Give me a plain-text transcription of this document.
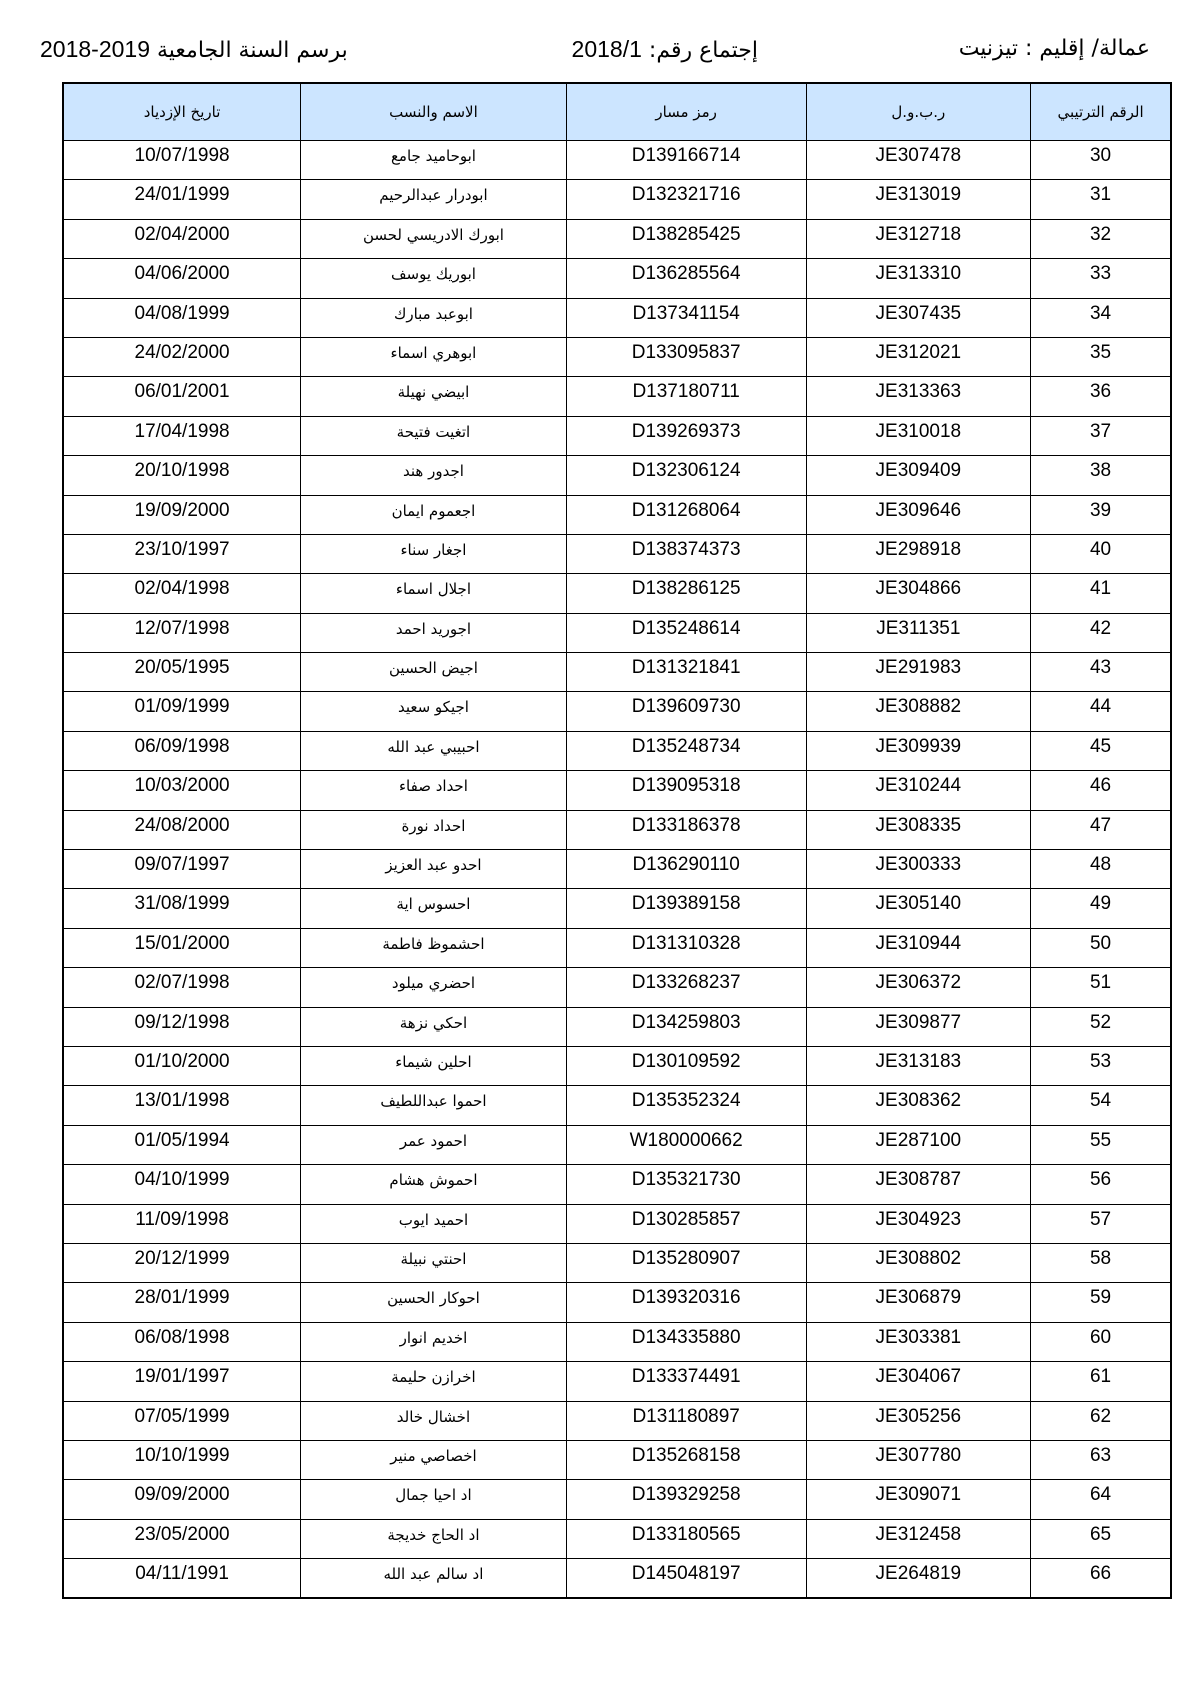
عمالة/ إقليم : تيزنيت
إجتماع رقم: 2018/1
برسم السنة الجامعية 2018-2019
الرقم الترتيبي	ر.ب.و.ل	رمز مسار	الاسم والنسب	تاريخ الإزدياد
30	JE307478	D139166714	ابوحاميد جامع	10/07/1998
31	JE313019	D132321716	ابودرار عبدالرحيم	24/01/1999
32	JE312718	D138285425	ابورك الادريسي لحسن	02/04/2000
33	JE313310	D136285564	ابوريك يوسف	04/06/2000
34	JE307435	D137341154	ابوعبد مبارك	04/08/1999
35	JE312021	D133095837	ابوهري اسماء	24/02/2000
36	JE313363	D137180711	ابيضي نهيلة	06/01/2001
37	JE310018	D139269373	اتغيت فتيحة	17/04/1998
38	JE309409	D132306124	اجدور هند	20/10/1998
39	JE309646	D131268064	اجعموم ايمان	19/09/2000
40	JE298918	D138374373	اجغار سناء	23/10/1997
41	JE304866	D138286125	اجلال اسماء	02/04/1998
42	JE311351	D135248614	اجوريد احمد	12/07/1998
43	JE291983	D131321841	اجيض الحسين	20/05/1995
44	JE308882	D139609730	اجيكو سعيد	01/09/1999
45	JE309939	D135248734	احبيبي عبد الله	06/09/1998
46	JE310244	D139095318	احداد صفاء	10/03/2000
47	JE308335	D133186378	احداد نورة	24/08/2000
48	JE300333	D136290110	احدو عبد العزيز	09/07/1997
49	JE305140	D139389158	احسوس اية	31/08/1999
50	JE310944	D131310328	احشموظ فاطمة	15/01/2000
51	JE306372	D133268237	احضري ميلود	02/07/1998
52	JE309877	D134259803	احكي نزهة	09/12/1998
53	JE313183	D130109592	احلين شيماء	01/10/2000
54	JE308362	D135352324	احموا عبداللطيف	13/01/1998
55	JE287100	W180000662	احمود عمر	01/05/1994
56	JE308787	D135321730	احموش هشام	04/10/1999
57	JE304923	D130285857	احميد ايوب	11/09/1998
58	JE308802	D135280907	احنتي نبيلة	20/12/1999
59	JE306879	D139320316	احوكار الحسين	28/01/1999
60	JE303381	D134335880	اخديم انوار	06/08/1998
61	JE304067	D133374491	اخرازن حليمة	19/01/1997
62	JE305256	D131180897	اخشال خالد	07/05/1999
63	JE307780	D135268158	اخصاصي منير	10/10/1999
64	JE309071	D139329258	اد احيا جمال	09/09/2000
65	JE312458	D133180565	اد الحاج خديجة	23/05/2000
66	JE264819	D145048197	اد سالم عبد الله	04/11/1991
